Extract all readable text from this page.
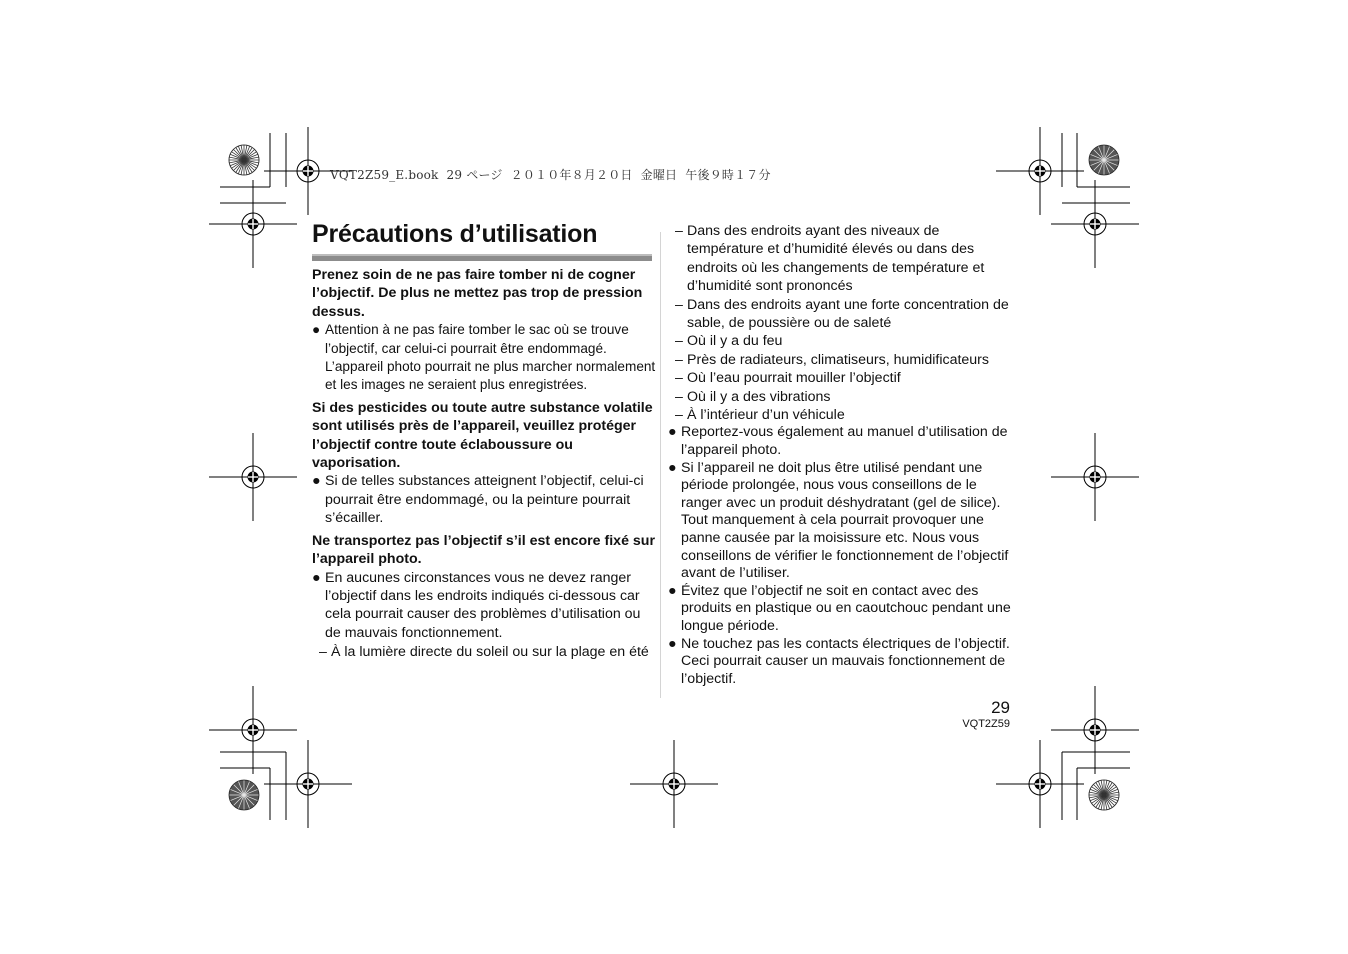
VQT2Z59_E.book  29 ページ  ２０１０年８月２０日  金曜日  午後９時１７分
Précautions d’utilisation

Prenez soin de ne pas faire tomber ni de cogner l’objectif. De plus ne mettez pas trop de pression dessus.

● Attention à ne pas faire tomber le sac où se trouve l’objectif, car celui-ci pourrait être endommagé. L’appareil photo pourrait ne plus marcher normalement et les images ne seraient plus enregistrées.

Si des pesticides ou toute autre substance volatile sont utilisés près de l’appareil, veuillez protéger l’objectif contre toute éclaboussure ou vaporisation.

● Si de telles substances atteignent l’objectif, celui-ci pourrait être endommagé, ou la peinture pourrait s’écailler.

Ne transportez pas l’objectif s’il est encore fixé sur l’appareil photo.

● En aucunes circonstances vous ne devez ranger l’objectif dans les endroits indiqués ci-dessous car cela pourrait causer des problèmes d’utilisation ou de mauvais fonctionnement.

– À la lumière directe du soleil ou sur la plage en été

– Dans des endroits ayant des niveaux de température et d’humidité élevés ou dans des endroits où les changements de température et d’humidité sont prononcés

– Dans des endroits ayant une forte concentration de sable, de poussière ou de saleté

– Où il y a du feu

– Près de radiateurs, climatiseurs, humidificateurs

– Où l’eau pourrait mouiller l’objectif

– Où il y a des vibrations

– À l’intérieur d’un véhicule

● Reportez-vous également au manuel d’utilisation de l’appareil photo.

● Si l’appareil ne doit plus être utilisé pendant une période prolongée, nous vous conseillons de le ranger avec un produit déshydratant (gel de silice). Tout manquement à cela pourrait provoquer une panne causée par la moisissure etc. Nous vous conseillons de vérifier le fonctionnement de l’objectif avant de l’utiliser.

● Évitez que l’objectif ne soit en contact avec des produits en plastique ou en caoutchouc pendant une longue période.

● Ne touchez pas les contacts électriques de l’objectif. Ceci pourrait causer un mauvais fonctionnement de l’objectif.

29
VQT2Z59
